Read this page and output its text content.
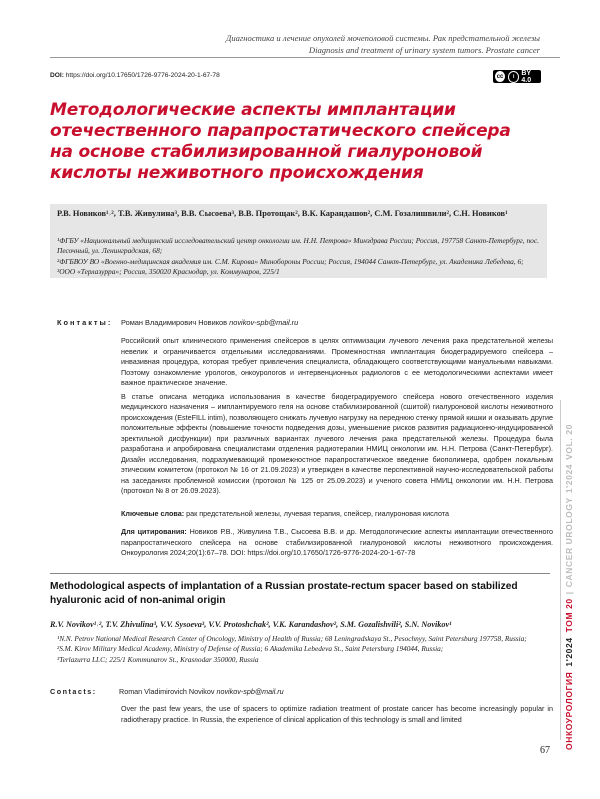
Диагностика и лечение опухолей мочеполовой системы. Рак предстательной железы
Diagnosis and treatment of urinary system tumors. Prostate cancer
DOI: https://doi.org/10.17650/1726-9776-2024-20-1-67-78	cc	i BY 4.0
Методологические аспекты имплантации отечественного парапростатического спейсера на основе стабилизированной гиалуроновой кислоты неживотного происхождения
Р.В. Новиков¹˒², Т.В. Живулина³, В.В. Сысоева³, В.В. Протощак², В.К. Карандашов², С.М. Гозалишвили², С.Н. Новиков¹
¹ФГБУ «Национальный медицинский исследовательский центр онкологии им. Н.Н. Петрова» Минздрава России; Россия, 197758 Санкт-Петербург, пос. Песочный, ул. Ленинградская, 68;
²ФГБВОУ ВО «Военно-медицинская академия им. С.М. Кирова» Минобороны России; Россия, 194044 Санкт-Петербург, ул. Академика Лебедева, 6;
³ООО «Терлазурра»; Россия, 350020 Краснодар, ул. Коммунаров, 225/1
Контакты: Роман Владимирович Новиков novikov-spb@mail.ru

Российский опыт клинического применения спейсеров в целях оптимизации лучевого лечения рака предстательной железы невелик и ограничивается отдельными исследованиями. Промежностная имплантация биодеградируемого спейсера – инвазивная процедура, которая требует привлечения специалиста, обладающего соответствующими мануальными навыками. Поэтому ознакомление урологов, онкоурологов и интервенционных радиологов с ее методологическими аспектами имеет важное практическое значение.

В статье описана методика использования в качестве биодеградируемого спейсера нового отечественного изделия медицинского назначения – имплантируемого геля на основе стабилизированной (сшитой) гиалуроновой кислоты неживотного происхождения (EsteFILL intim), позволяющего снижать лучевую нагрузку на переднюю стенку прямой кишки и оказывать другие положительные эффекты (повышение точности подведения дозы, уменьшение рисков развития радиационно-индуцированной эректильной дисфункции) при различных вариантах лучевого лечения рака предстательной железы. Процедура была разработана и апробирована специалистами отделения радиотерапии НМИЦ онкологии им. Н.Н. Петрова (Санкт-Петербург). Дизайн исследования, подразумевающий промежностное парапростатическое введение биополимера, одобрен локальным этическим комитетом (протокол № 16 от 21.09.2023) и утвержден в качестве перспективной научно-исследовательской работы на заседаниях проблемной комиссии (протокол № 125 от 25.09.2023) и ученого совета НМИЦ онкологии им. Н.Н. Петрова (протокол № 8 от 26.09.2023).

Ключевые слова: рак предстательной железы, лучевая терапия, спейсер, гиалуроновая кислота
Для цитирования: Новиков Р.В., Живулина Т.В., Сысоева В.В. и др. Методологические аспекты имплантации отечественного парапростатического спейсера на основе стабилизированной гиалуроновой кислоты неживотного происхождения. Онкоурология 2024;20(1):67–78. DOI: https://doi.org/10.17650/1726-9776-2024-20-1-67-78
Methodological aspects of implantation of a Russian prostate-rectum spacer based on stabilized hyaluronic acid of non-animal origin
R.V. Novikov¹˒², T.V. Zhivulina³, V.V. Sysoeva³, V.V. Protoshchak², V.K. Karandashov², S.M. Gozalishvili², S.N. Novikov¹
¹N.N. Petrov National Medical Research Center of Oncology, Ministry of Health of Russia; 68 Leningradskaya St., Pesochnyy, Saint Petersburg 197758, Russia;
²S.M. Kirov Military Medical Academy, Ministry of Defense of Russia; 6 Akademika Lebedeva St., Saint Petersburg 194044, Russia;
³Terlazurra LLC; 225/1 Kommunarov St., Krasnodar 350000, Russia
Contacts:	Roman Vladimirovich Novikov novikov-spb@mail.ru
Over the past few years, the use of spacers to optimize radiation treatment of prostate cancer has become increasingly popular in radiotherapy practice. In Russia, the experience of clinical application of this technology is small and limited	ОНКОУРОЛОГИЯ1'2024ТОМ 20|CANCER UROLOGY1'2024VOL. 20
67
